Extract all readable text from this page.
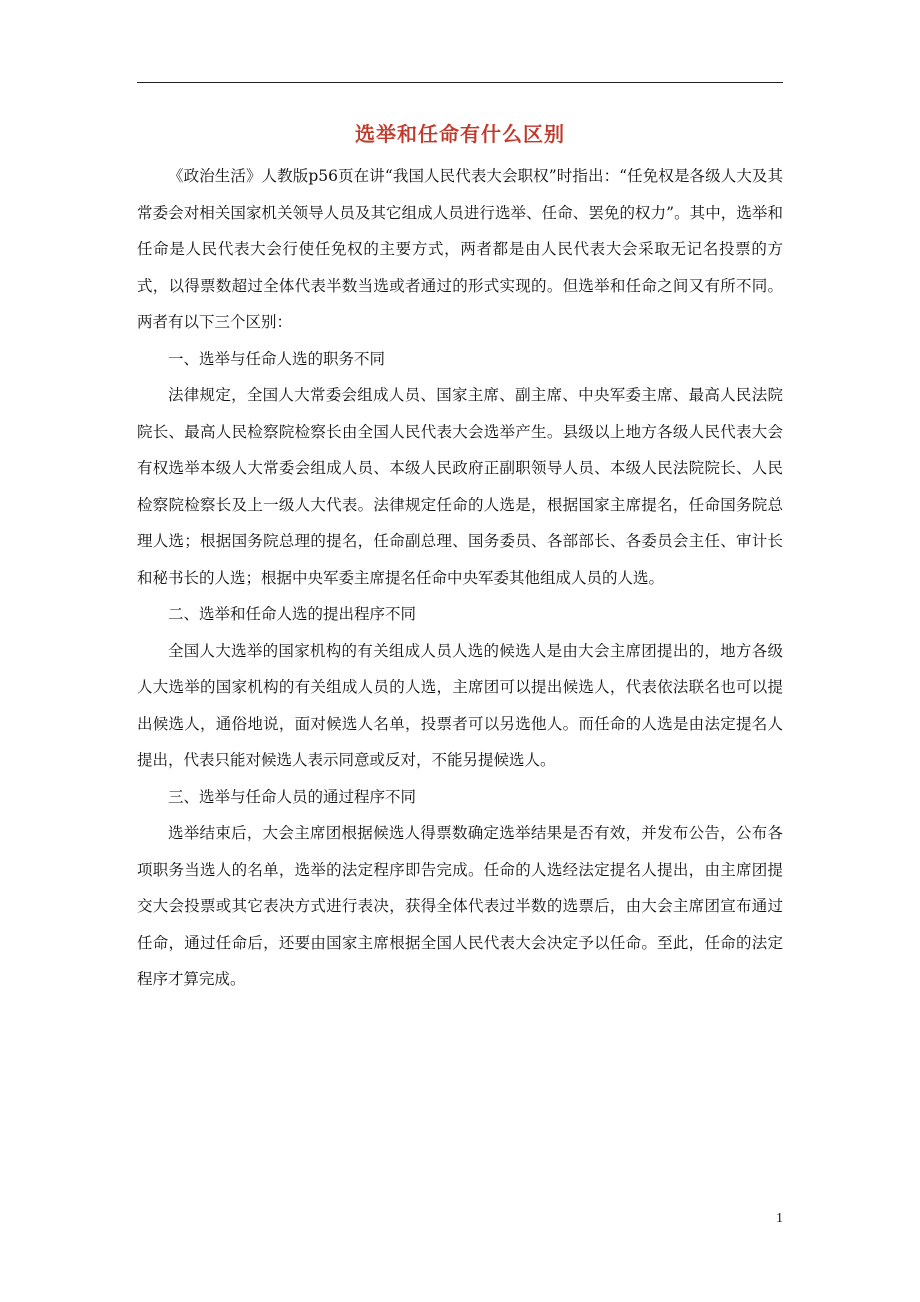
选举和任命有什么区别

《政治生活》人教版p56页在讲“我国人民代表大会职权”时指出：“任免权是各级人大及其常委会对相关国家机关领导人员及其它组成人员进行选举、任命、罢免的权力”。其中，选举和任命是人民代表大会行使任免权的主要方式，两者都是由人民代表大会采取无记名投票的方式，以得票数超过全体代表半数当选或者通过的形式实现的。但选举和任命之间又有所不同。两者有以下三个区别：

一、选举与任命人选的职务不同

法律规定，全国人大常委会组成人员、国家主席、副主席、中央军委主席、最高人民法院院长、最高人民检察院检察长由全国人民代表大会选举产生。县级以上地方各级人民代表大会有权选举本级人大常委会组成人员、本级人民政府正副职领导人员、本级人民法院院长、人民检察院检察长及上一级人大代表。法律规定任命的人选是，根据国家主席提名，任命国务院总理人选；根据国务院总理的提名，任命副总理、国务委员、各部部长、各委员会主任、审计长和秘书长的人选；根据中央军委主席提名任命中央军委其他组成人员的人选。

二、选举和任命人选的提出程序不同

全国人大选举的国家机构的有关组成人员人选的候选人是由大会主席团提出的，地方各级人大选举的国家机构的有关组成人员的人选，主席团可以提出候选人，代表依法联名也可以提出候选人，通俗地说，面对候选人名单，投票者可以另选他人。而任命的人选是由法定提名人提出，代表只能对候选人表示同意或反对，不能另提候选人。

三、选举与任命人员的通过程序不同

选举结束后，大会主席团根据候选人得票数确定选举结果是否有效，并发布公告，公布各项职务当选人的名单，选举的法定程序即告完成。任命的人选经法定提名人提出，由主席团提交大会投票或其它表决方式进行表决，获得全体代表过半数的选票后，由大会主席团宣布通过任命，通过任命后，还要由国家主席根据全国人民代表大会决定予以任命。至此，任命的法定程序才算完成。

1
